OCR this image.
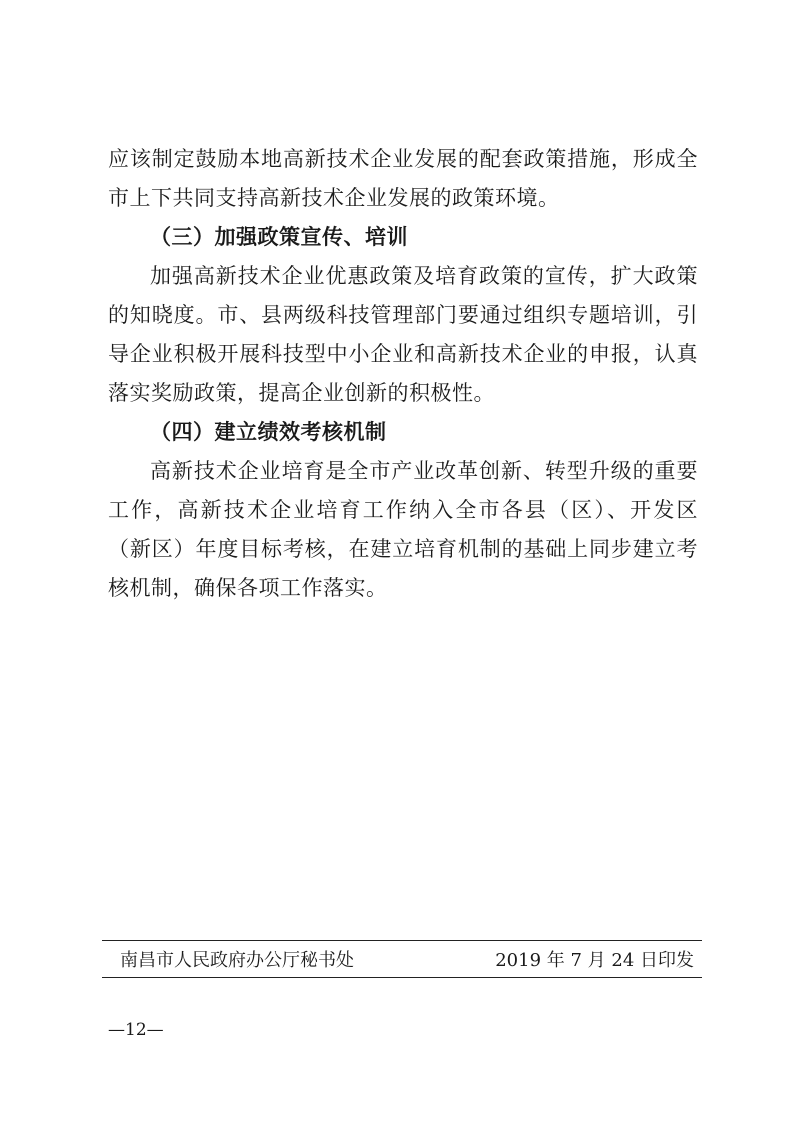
应该制定鼓励本地高新技术企业发展的配套政策措施，形成全市上下共同支持高新技术企业发展的政策环境。

（三）加强政策宣传、培训

加强高新技术企业优惠政策及培育政策的宣传，扩大政策的知晓度。市、县两级科技管理部门要通过组织专题培训，引导企业积极开展科技型中小企业和高新技术企业的申报，认真落实奖励政策，提高企业创新的积极性。

（四）建立绩效考核机制

高新技术企业培育是全市产业改革创新、转型升级的重要工作，高新技术企业培育工作纳入全市各县（区）、开发区（新区）年度目标考核，在建立培育机制的基础上同步建立考核机制，确保各项工作落实。

南昌市人民政府办公厅秘书处	2019 年 7 月 24 日印发
—12—
